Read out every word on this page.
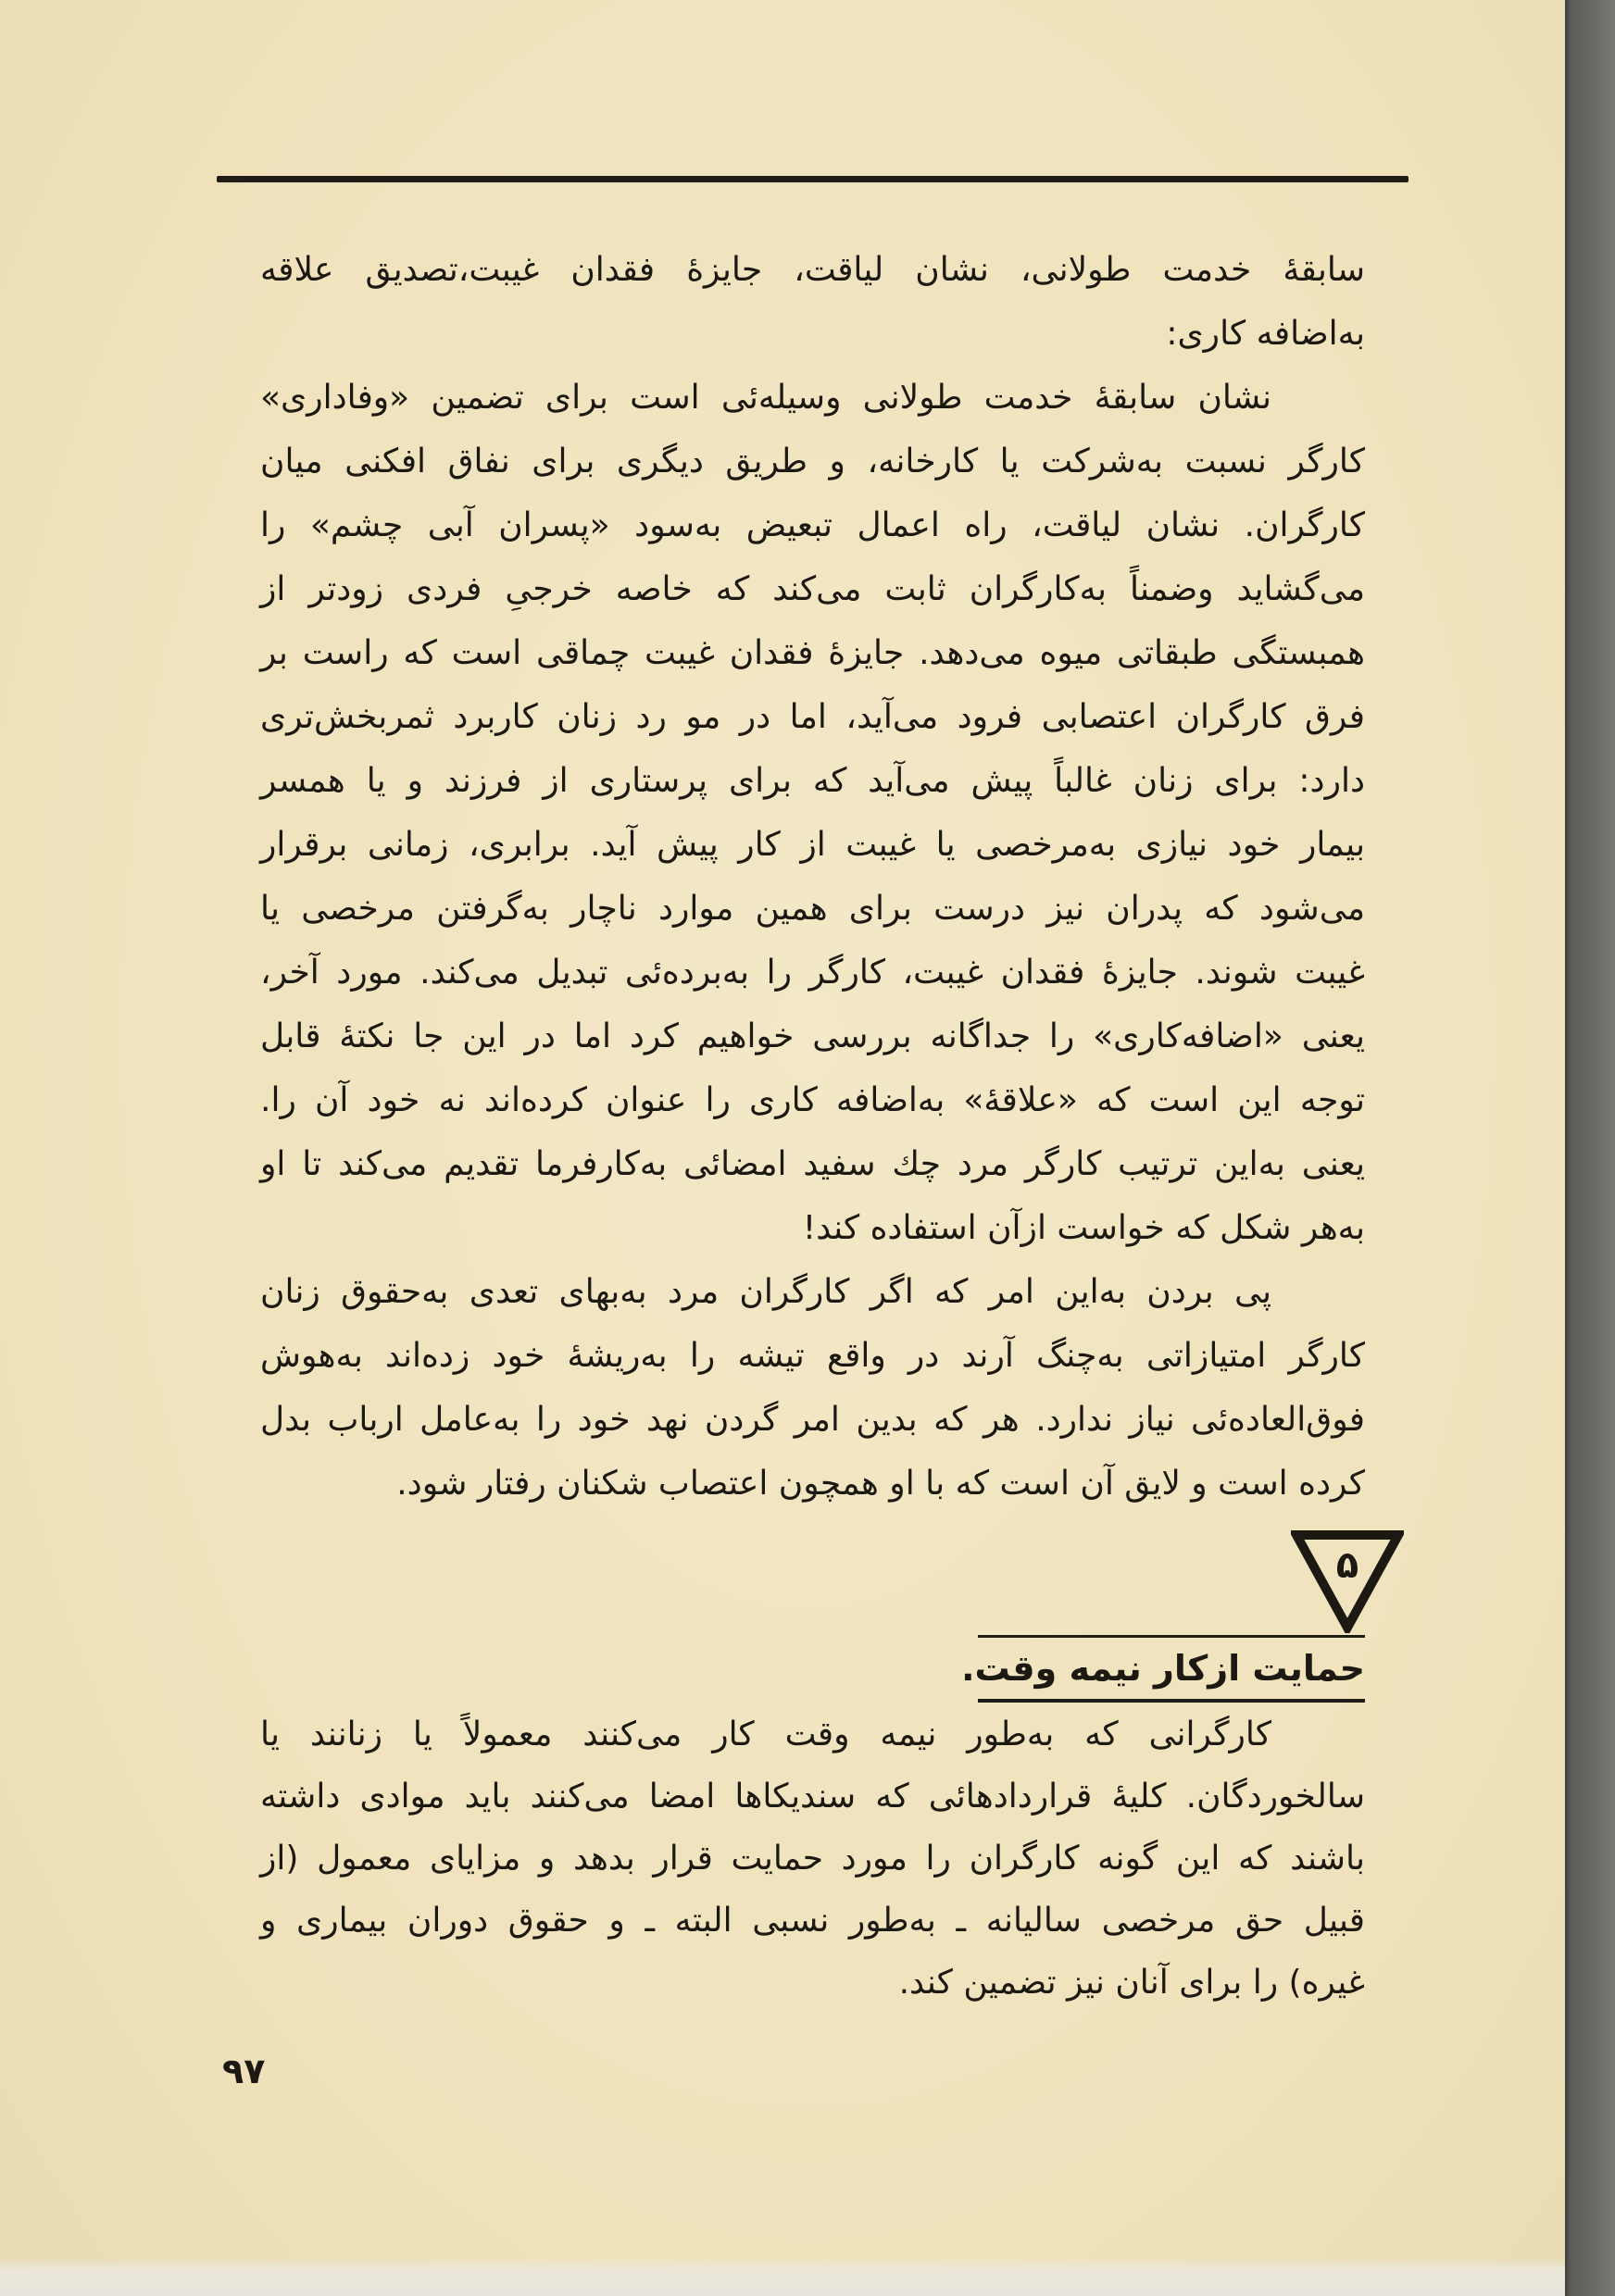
سابقهٔ خدمت طولانی، نشان لیاقت، جایزهٔ فقدان غیبت،تصدیق علاقه
به‌اضافه کاری:
نشان سابقهٔ خدمت طولانی وسیله‌ئی است برای تضمین «وفاداری»
کارگر نسبت به‌شرکت یا کارخانه، و طریق دیگری برای نفاق افکنی میان
کارگران. نشان لیاقت، راه اعمال تبعیض به‌سود «پسران آبی چشم» را
می‌گشاید وضمناً به‌کارگران ثابت می‌کند که خاصه خرجیِ فردی زودتر از
همبستگی طبقاتی میوه می‌دهد. جایزهٔ فقدان غیبت چماقی است که راست بر
فرق کارگران اعتصابی فرود می‌آید، اما در مو رد زنان کاربرد ثمربخش‌تری
دارد: برای زنان غالباً پیش می‌آید که برای پرستاری از فرزند و یا همسر
بیمار خود نیازی به‌مرخصی یا غیبت از کار پیش آید. برابری، زمانی برقرار
می‌شود که پدران نیز درست برای همین موارد ناچار به‌گرفتن مرخصی یا
غیبت شوند. جایزهٔ فقدان غیبت، کارگر را به‌برده‌ئی تبدیل می‌کند. مورد آخر،
یعنی «اضافه‌کاری» را جداگانه بررسی خواهیم کرد اما در این جا نکتهٔ قابل
توجه این است که «علاقهٔ» به‌اضافه کاری را عنوان کرده‌اند نه خود آن را.
یعنی به‌این ترتیب کارگر مرد چك سفید امضائی به‌کارفرما تقدیم می‌کند تا او
به‌هر شکل که خواست ازآن استفاده کند!
پی بردن به‌این امر که اگر کارگران مرد به‌بهای تعدی به‌حقوق زنان
کارگر امتیازاتی به‌چنگ آرند در واقع تیشه را به‌ریشهٔ خود زده‌اند به‌هوش
فوق‌العاده‌ئی نیاز ندارد. هر که بدین امر گردن نهد خود را به‌عامل ارباب بدل
کرده است و لایق آن است که با او همچون اعتصاب شکنان رفتار شود.
۵
حمایت ازکار نیمه وقت.
کارگرانی که به‌طور نیمه وقت کار می‌کنند معمولاً یا زنانند یا
سالخوردگان. کلیهٔ قراردادهائی که سندیکاها امضا می‌کنند باید موادی داشته
باشند که این گونه کارگران را مورد حمایت قرار بدهد و مزایای معمول (از
قبیل حق مرخصی سالیانه ـ به‌طور نسبی البته ـ و حقوق دوران بیماری و
غیره) را برای آنان نیز تضمین کند.
۹۷
